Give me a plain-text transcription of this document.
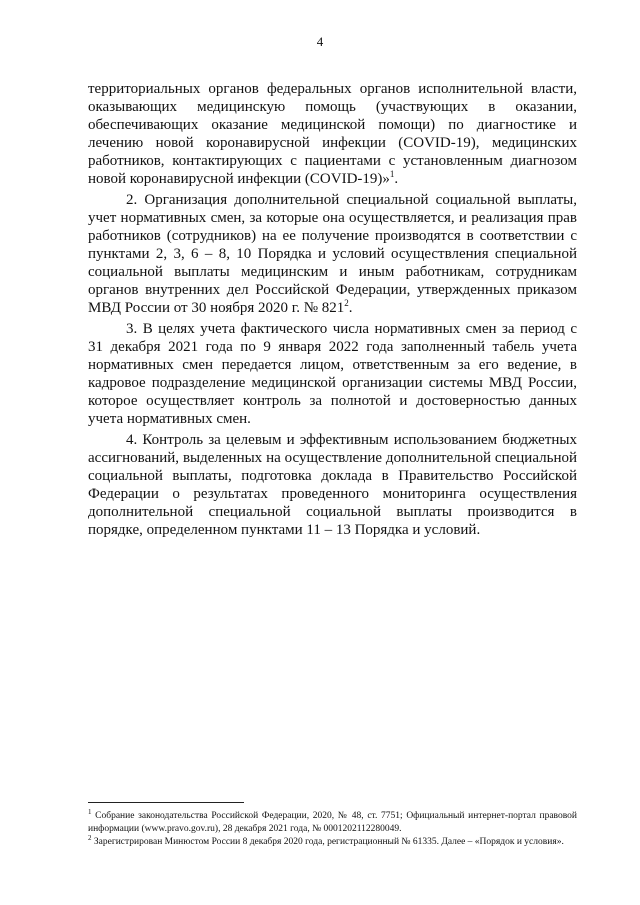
4

территориальных органов федеральных органов исполнительной власти, оказывающих медицинскую помощь (участвующих в оказании, обеспечивающих оказание медицинской помощи) по диагностике и лечению новой коронавирусной инфекции (COVID-19), медицинских работников, контактирующих с пациентами с установленным диагнозом новой коронавирусной инфекции (COVID-19)»$^1$.

2. Организация дополнительной специальной социальной выплаты, учет нормативных смен, за которые она осуществляется, и реализация прав работников (сотрудников) на ее получение производятся в соответствии с пунктами 2, 3, 6 – 8, 10 Порядка и условий осуществления специальной социальной выплаты медицинским и иным работникам, сотрудникам органов внутренних дел Российской Федерации, утвержденных приказом МВД России от 30 ноября 2020 г. № $821^2$.

3. В целях учета фактического числа нормативных смен за период с 31 декабря 2021 года по 9 января 2022 года заполненный табель учета нормативных смен передается лицом, ответственным за его ведение, в кадровое подразделение медицинской организации системы МВД России, которое осуществляет контроль за полнотой и достоверностью данных учета нормативных смен.

4. Контроль за целевым и эффективным использованием бюджетных ассигнований, выделенных на осуществление дополнительной специальной социальной выплаты, подготовка доклада в Правительство Российской Федерации о результатах проведенного мониторинга осуществления дополнительной специальной социальной выплаты производится в порядке, определенном пунктами 11 – 13 Порядка и условий.

$^1$ Собрание законодательства Российской Федерации, 2020, № 48, ст. 7751; Официальный интернет-портал правовой информации (www.pravo.gov.ru), 28 декабря 2021 года, № 0001202112280049.

$^2$ Зарегистрирован Минюстом России 8 декабря 2020 года, регистрационный № 61335. Далее – «Порядок и условия».
